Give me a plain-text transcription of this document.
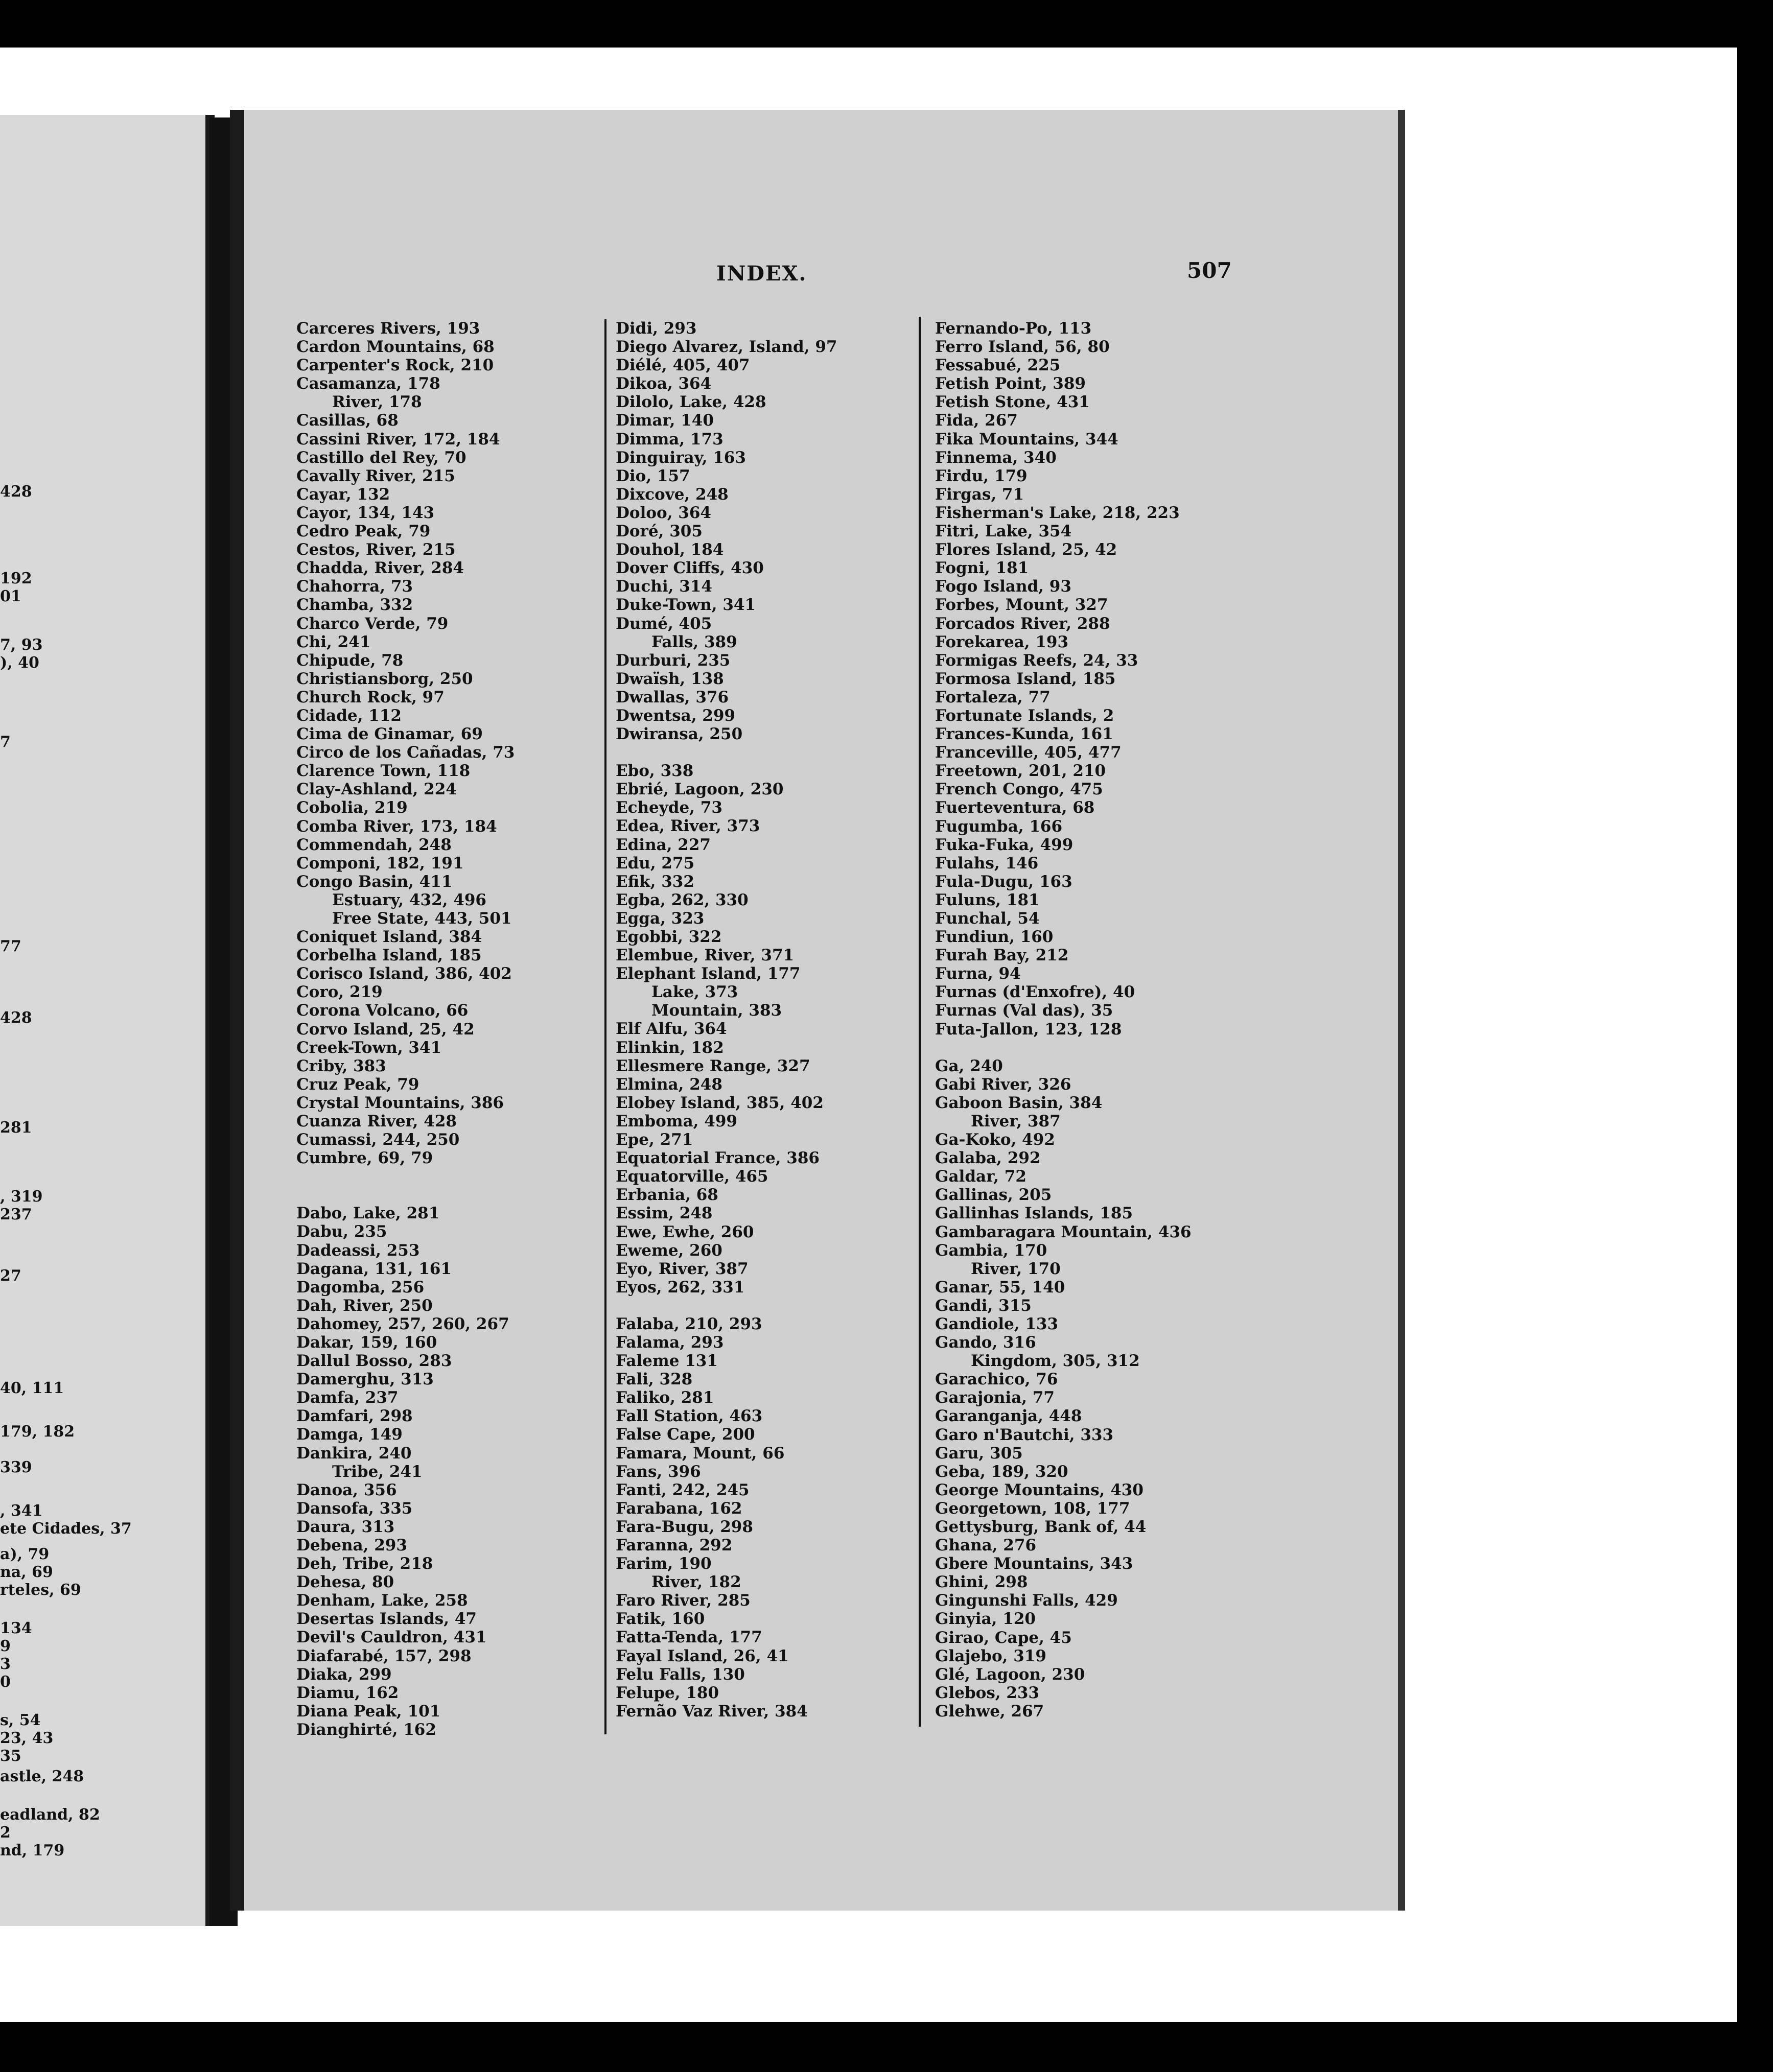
428
192
01
7, 93
), 40
7
77
428
281
, 319
237
27
40, 111
179, 182
339
, 341
ete Cidades, 37
a), 79
na, 69
rteles, 69
134
9
3
0
s, 54
23, 43
35
astle, 248
eadland, 82
2
nd, 179
INDEX.	507
Carceres Rivers, 193
Cardon Mountains, 68
Carpenter's Rock, 210
Casamanza, 178
River, 178
Casillas, 68
Cassini River, 172, 184
Castillo del Rey, 70
Cavally River, 215
Cayar, 132
Cayor, 134, 143
Cedro Peak, 79
Cestos, River, 215
Chadda, River, 284
Chahorra, 73
Chamba, 332
Charco Verde, 79
Chi, 241
Chipude, 78
Christiansborg, 250
Church Rock, 97
Cidade, 112
Cima de Ginamar, 69
Circo de los Cañadas, 73
Clarence Town, 118
Clay-Ashland, 224
Cobolia, 219
Comba River, 173, 184
Commendah, 248
Componi, 182, 191
Congo Basin, 411
Estuary, 432, 496
Free State, 443, 501
Coniquet Island, 384
Corbelha Island, 185
Corisco Island, 386, 402
Coro, 219
Corona Volcano, 66
Corvo Island, 25, 42
Creek-Town, 341
Criby, 383
Cruz Peak, 79
Crystal Mountains, 386
Cuanza River, 428
Cumassi, 244, 250
Cumbre, 69, 79
Dabo, Lake, 281
Dabu, 235
Dadeassi, 253
Dagana, 131, 161
Dagomba, 256
Dah, River, 250
Dahomey, 257, 260, 267
Dakar, 159, 160
Dallul Bosso, 283
Damerghu, 313
Damfa, 237
Damfari, 298
Damga, 149
Dankira, 240
Tribe, 241
Danoa, 356
Dansofa, 335
Daura, 313
Debena, 293
Deh, Tribe, 218
Dehesa, 80
Denham, Lake, 258
Desertas Islands, 47
Devil's Cauldron, 431
Diafarabé, 157, 298
Diaka, 299
Diamu, 162
Diana Peak, 101
Dianghirté, 162
Didi, 293
Diego Alvarez, Island, 97
Diélé, 405, 407
Dikoa, 364
Dilolo, Lake, 428
Dimar, 140
Dimma, 173
Dinguiray, 163
Dio, 157
Dixcove, 248
Doloo, 364
Doré, 305
Douhol, 184
Dover Cliffs, 430
Duchi, 314
Duke-Town, 341
Dumé, 405
Falls, 389
Durburi, 235
Dwaïsh, 138
Dwallas, 376
Dwentsa, 299
Dwiransa, 250
Ebo, 338
Ebrié, Lagoon, 230
Echeyde, 73
Edea, River, 373
Edina, 227
Edu, 275
Efik, 332
Egba, 262, 330
Egga, 323
Egobbi, 322
Elembue, River, 371
Elephant Island, 177
Lake, 373
Mountain, 383
Elf Alfu, 364
Elinkin, 182
Ellesmere Range, 327
Elmina, 248
Elobey Island, 385, 402
Emboma, 499
Epe, 271
Equatorial France, 386
Equatorville, 465
Erbania, 68
Essim, 248
Ewe, Ewhe, 260
Eweme, 260
Eyo, River, 387
Eyos, 262, 331
Falaba, 210, 293
Falama, 293
Faleme 131
Fali, 328
Faliko, 281
Fall Station, 463
False Cape, 200
Famara, Mount, 66
Fans, 396
Fanti, 242, 245
Farabana, 162
Fara-Bugu, 298
Faranna, 292
Farim, 190
River, 182
Faro River, 285
Fatik, 160
Fatta-Tenda, 177
Fayal Island, 26, 41
Felu Falls, 130
Felupe, 180
Fernão Vaz River, 384
Fernando-Po, 113
Ferro Island, 56, 80
Fessabué, 225
Fetish Point, 389
Fetish Stone, 431
Fida, 267
Fika Mountains, 344
Finnema, 340
Firdu, 179
Firgas, 71
Fisherman's Lake, 218, 223
Fitri, Lake, 354
Flores Island, 25, 42
Fogni, 181
Fogo Island, 93
Forbes, Mount, 327
Forcados River, 288
Forekarea, 193
Formigas Reefs, 24, 33
Formosa Island, 185
Fortaleza, 77
Fortunate Islands, 2
Frances-Kunda, 161
Franceville, 405, 477
Freetown, 201, 210
French Congo, 475
Fuerteventura, 68
Fugumba, 166
Fuka-Fuka, 499
Fulahs, 146
Fula-Dugu, 163
Fuluns, 181
Funchal, 54
Fundiun, 160
Furah Bay, 212
Furna, 94
Furnas (d'Enxofre), 40
Furnas (Val das), 35
Futa-Jallon, 123, 128
Ga, 240
Gabi River, 326
Gaboon Basin, 384
River, 387
Ga-Koko, 492
Galaba, 292
Galdar, 72
Gallinas, 205
Gallinhas Islands, 185
Gambaragara Mountain, 436
Gambia, 170
River, 170
Ganar, 55, 140
Gandi, 315
Gandiole, 133
Gando, 316
Kingdom, 305, 312
Garachico, 76
Garajonia, 77
Garanganja, 448
Garo n'Bautchi, 333
Garu, 305
Geba, 189, 320
George Mountains, 430
Georgetown, 108, 177
Gettysburg, Bank of, 44
Ghana, 276
Gbere Mountains, 343
Ghini, 298
Gingunshi Falls, 429
Ginyia, 120
Girao, Cape, 45
Glajebo, 319
Glé, Lagoon, 230
Glebos, 233
Glehwe, 267
